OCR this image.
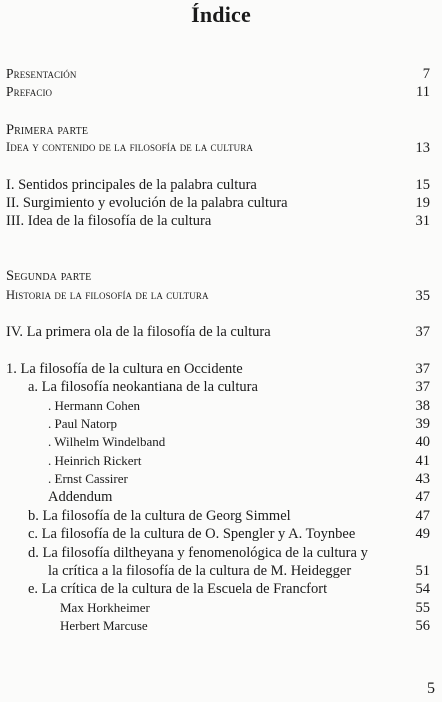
Índice
Presentación	7
Prefacio	11
Primera parte
Idea y contenido de la filosofía de la cultura	13
I. Sentidos principales de la palabra cultura	15
II. Surgimiento y evolución de la palabra cultura	19
III. Idea de la filosofía de la cultura	31
Segunda parte
Historia de la filosofía de la cultura	35
IV. La primera ola de la filosofía de la cultura	37
1. La filosofía de la cultura en Occidente	37
a. La filosofía neokantiana de la cultura	37
. Hermann Cohen	38
. Paul Natorp	39
. Wilhelm Windelband	40
. Heinrich Rickert	41
. Ernst Cassirer	43
Addendum	47
b. La filosofía de la cultura de Georg Simmel	47
c. La filosofía de la cultura de O. Spengler y A. Toynbee	49
d. La filosofía diltheyana y fenomenológica de la cultura y
la crítica a la filosofía de la cultura de M. Heidegger	51
e. La crítica de la cultura de la Escuela de Francfort	54
Max Horkheimer	55
Herbert Marcuse	56
5
